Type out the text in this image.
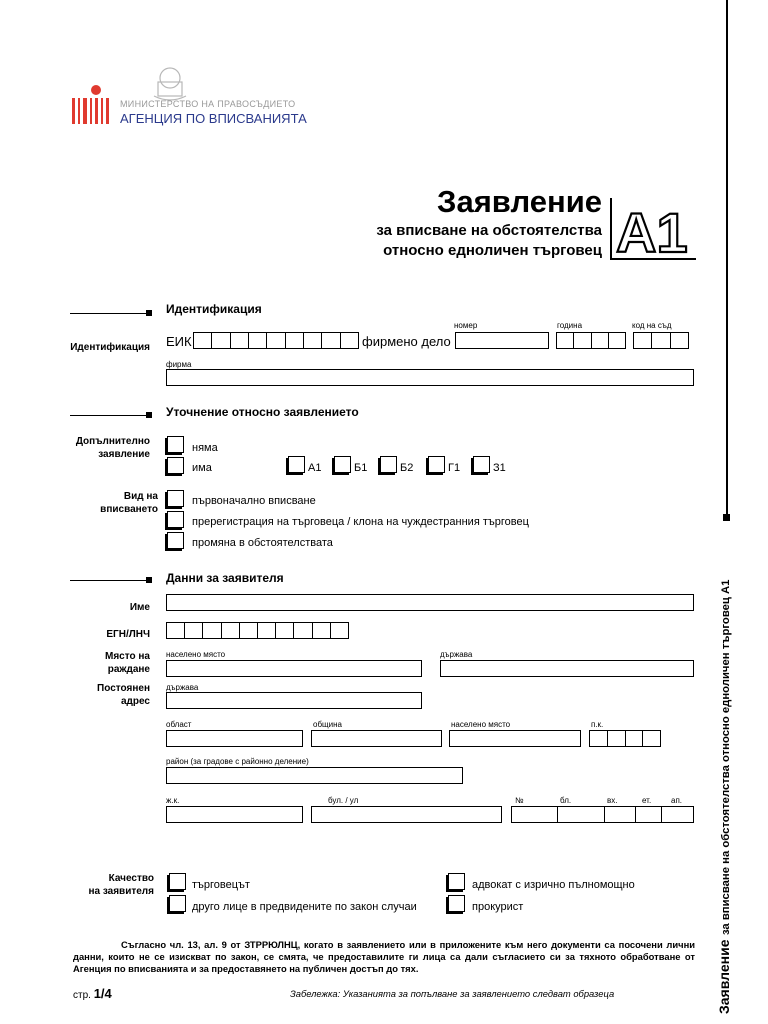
МИНИСТЕРСТВО НА ПРАВОСЪДИЕТО
АГЕНЦИЯ ПО ВПИСВАНИЯТА
Заявление
за вписване на обстоятелства
относно едноличен търговец А1
Идентификация
номер	година	код на съд
Идентификация ЕИК	фирмено дело
фирма
Уточнение относно заявлението
Допълнително
заявление
няма
има	А1	Б1	Б2	Г1	З1
Вид на
вписването
първоначално вписване
пререгистрация на търговеца / клона на чуждестранния търговец
промяна в обстоятелствата
Данни за заявителя
Име
ЕГН/ЛНЧ
Място на
раждане
населено място	държава
Постоянен
адрес
държава
област	община	населено място	п.к.
район (за градове с районно деление)
ж.к.	бул. / ул	№	бл.	вх.	ет. ап.
Качество
на заявителя
търговецът
друго лице в предвидените по закон случаи
адвокат с изрично пълномощно
прокурист
Съгласно чл. 13, ал. 9 от ЗТРРЮЛНЦ, когато в заявлението или в приложените към него документи са посочени лични данни, които не се изискват по закон, се смята, че предоставилите ги лица са дали съгласието си за тяхното обработване от Агенция по вписванията и за предоставянето на публичен достъп до тях.
стр. 1/4	Забележка: Указанията за попълване за заявлението следват образеца	Заявление за вписване на обстоятелства относно едноличен търговец А1
